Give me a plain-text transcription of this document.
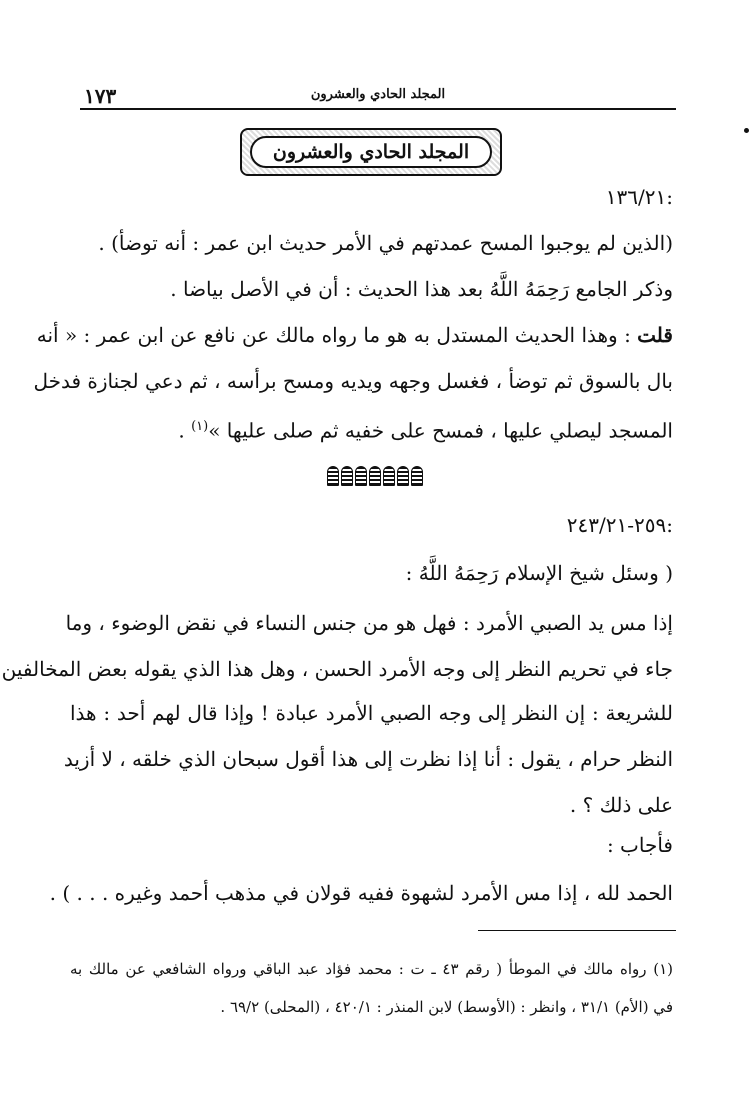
١٧٣	المجلد الحادي والعشرون
المجلد الحادي والعشرون
:١٣٦/٢١
(الذين لم يوجبوا المسح عمدتهم في الأمر حديث ابن عمر : أنه توضأ) .
وذكر الجامع رَحِمَهُ اللَّهُ بعد هذا الحديث : أن في الأصل بياضا .
قلت : وهذا الحديث المستدل به هو ما رواه مالك عن نافع عن ابن عمر : « أنه
بال بالسوق ثم توضأ ، فغسل وجهه ويديه ومسح برأسه ، ثم دعي لجنازة فدخل
المسجد ليصلي عليها ، فمسح على خفيه ثم صلى عليها »$^{(١)}$ .
:٢٥٩-٢٤٣/٢١
( وسئل شيخ الإسلام رَحِمَهُ اللَّهُ :
إذا مس يد الصبي الأمرد : فهل هو من جنس النساء في نقض الوضوء ، وما
جاء في تحريم النظر إلى وجه الأمرد الحسن ، وهل هذا الذي يقوله بعض المخالفين
للشريعة : إن النظر إلى وجه الصبي الأمرد عبادة ! وإذا قال لهم أحد : هذا
النظر حرام ، يقول : أنا إذا نظرت إلى هذا أقول سبحان الذي خلقه ، لا أزيد
على ذلك ؟ .
فأجاب :
الحمد لله ، إذا مس الأمرد لشهوة ففيه قولان في مذهب أحمد وغيره . . . ) .
(١) رواه مالك في الموطأ ( رقم ٤٣ ـ ت : محمد فؤاد عبد الباقي ورواه الشافعي عن مالك به
في (الأم) ٣١/١ ، وانظر : (الأوسط) لابن المنذر : ٤٢٠/١ ، (المحلى) ٦٩/٢ .
